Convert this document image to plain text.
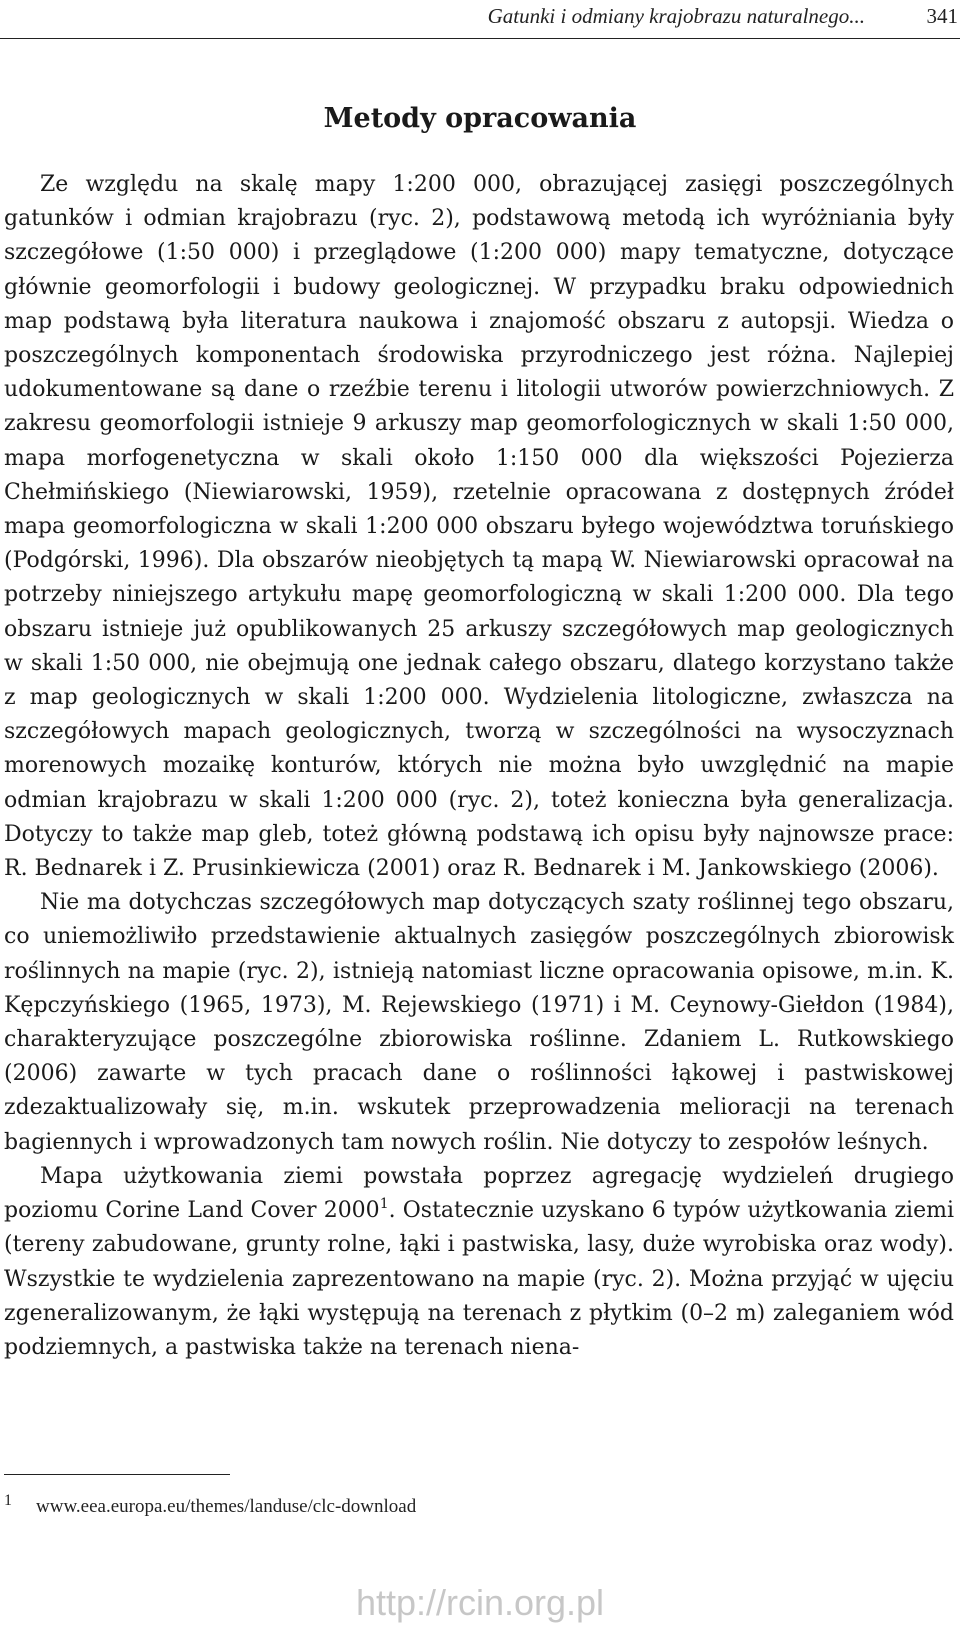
Gatunki i odmiany krajobrazu naturalnego...	341
Metody opracowania

Ze względu na skalę mapy 1:200 000, obrazującej zasięgi poszczególnych gatunków i odmian krajobrazu (ryc. 2), podstawową metodą ich wyróżniania były szczegółowe (1:50 000) i przeglądowe (1:200 000) mapy tematyczne, dotyczące głównie geomorfologii i budowy geologicznej. W przypadku braku odpowiednich map podstawą była literatura naukowa i znajomość obszaru z autopsji. Wiedza o poszczególnych komponentach środowiska przyrodniczego jest różna. Najlepiej udokumentowane są dane o rzeźbie terenu i litologii utworów powierzchniowych. Z zakresu geomorfologii istnieje 9 arkuszy map geomorfologicznych w skali 1:50 000, mapa morfogenetyczna w skali około 1:150 000 dla większości Pojezierza Chełmińskiego (Niewiarowski, 1959), rzetelnie opracowana z dostępnych źródeł mapa geomorfologiczna w skali 1:200 000 obszaru byłego województwa toruńskiego (Podgórski, 1996). Dla obszarów nieobjętych tą mapą W. Niewiarowski opracował na potrzeby niniejszego artykułu mapę geomorfologiczną w skali 1:200 000. Dla tego obszaru istnieje już opublikowanych 25 arkuszy szczegółowych map geologicznych w skali 1:50 000, nie obejmują one jednak całego obszaru, dlatego korzystano także z map geologicznych w skali 1:200 000. Wydzielenia litologiczne, zwłaszcza na szczegółowych mapach geologicznych, tworzą w szczególności na wysoczyznach morenowych mozaikę konturów, których nie można było uwzględnić na mapie odmian krajobrazu w skali 1:200 000 (ryc. 2), toteż konieczna była generalizacja. Dotyczy to także map gleb, toteż główną podstawą ich opisu były najnowsze prace: R. Bednarek i Z. Prusinkiewicza (2001) oraz R. Bednarek i M. Jankowskiego (2006).

Nie ma dotychczas szczegółowych map dotyczących szaty roślinnej tego obszaru, co uniemożliwiło przedstawienie aktualnych zasięgów poszczególnych zbiorowisk roślinnych na mapie (ryc. 2), istnieją natomiast liczne opracowania opisowe, m.in. K. Kępczyńskiego (1965, 1973), M. Rejewskiego (1971) i M. Ceynowy-Giełdon (1984), charakteryzujące poszczególne zbiorowiska roślinne. Zdaniem L. Rutkowskiego (2006) zawarte w tych pracach dane o roślinności łąkowej i pastwiskowej zdezaktualizowały się, m.in. wskutek przeprowadzenia melioracji na terenach bagiennych i wprowadzonych tam nowych roślin. Nie dotyczy to zespołów leśnych.

Mapa użytkowania ziemi powstała poprzez agregację wydzieleń drugiego poziomu Corine Land Cover 2000$^1$. Ostatecznie uzyskano 6 typów użytkowania ziemi (tereny zabudowane, grunty rolne, łąki i pastwiska, lasy, duże wyrobiska oraz wody). Wszystkie te wydzielenia zaprezentowano na mapie (ryc. 2). Można przyjąć w ujęciu zgeneralizowanym, że łąki występują na terenach z płytkim (0–2 m) zaleganiem wód podziemnych, a pastwiska także na terenach niena-

1 www.eea.europa.eu/themes/landuse/clc-download
http://rcin.org.pl
